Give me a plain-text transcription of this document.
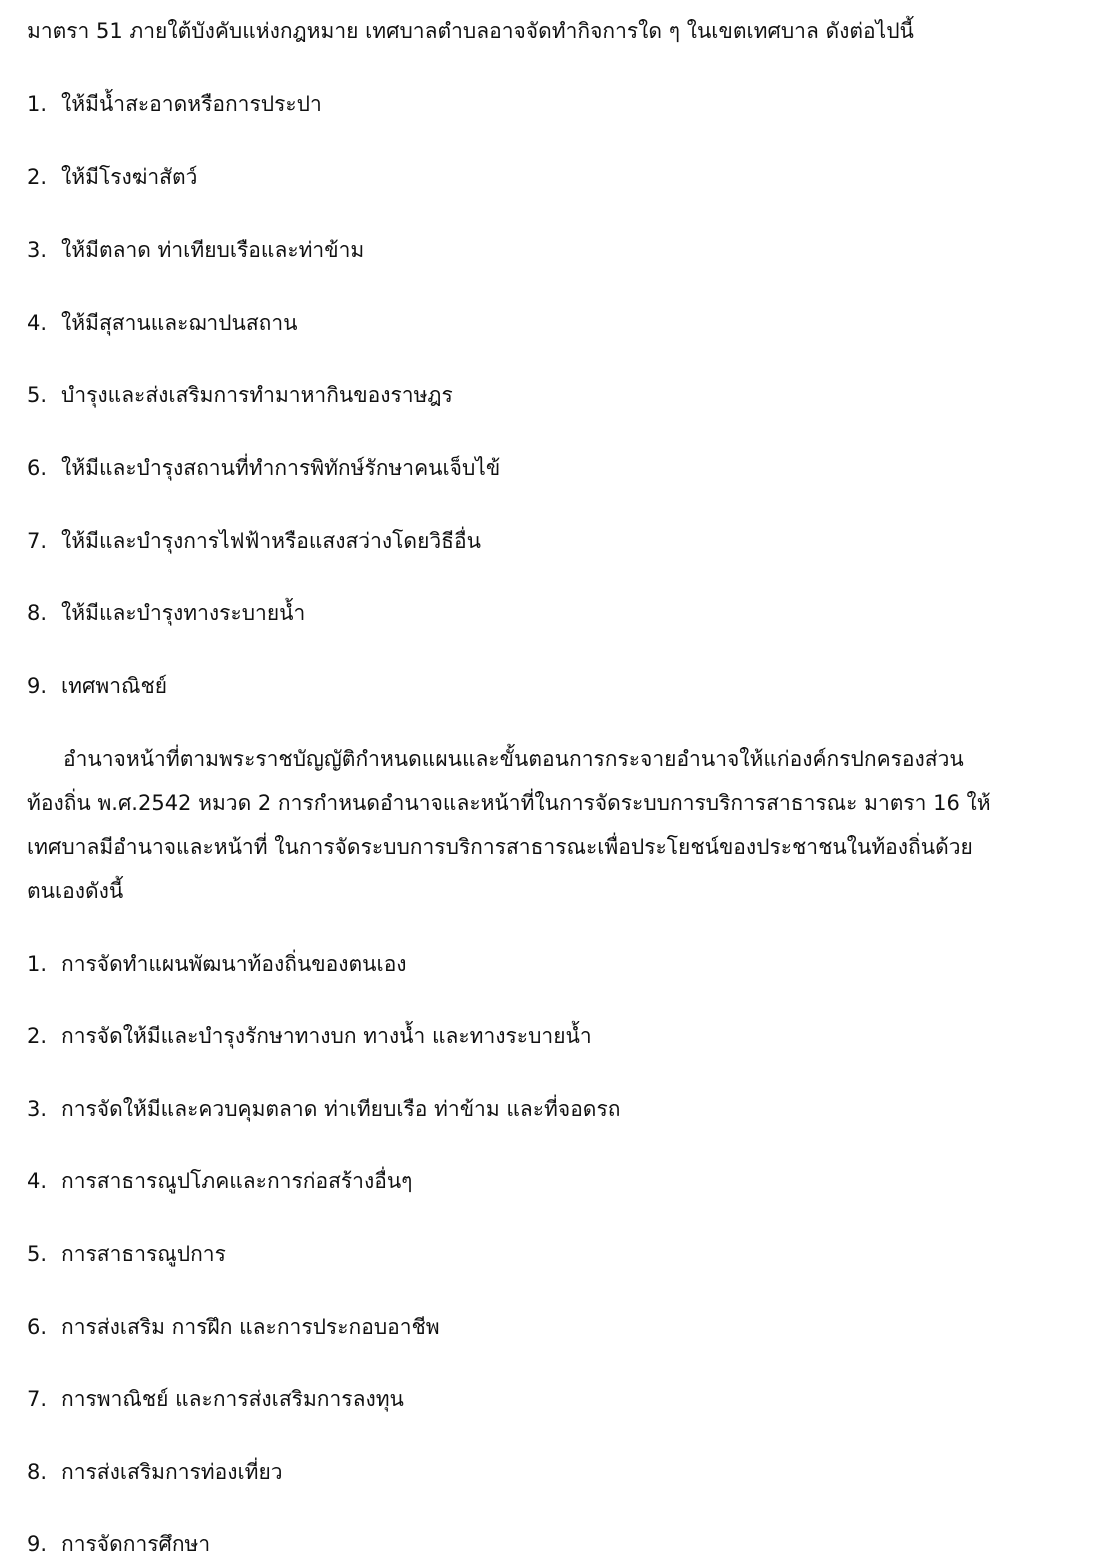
มาตรา 51 ภายใต้บังคับแห่งกฎหมาย เทศบาลตำบลอาจจัดทำกิจการใด ๆ ในเขตเทศบาล ดังต่อไปนี้
1. ให้มีน้ำสะอาดหรือการประปา
2. ให้มีโรงฆ่าสัตว์
3. ให้มีตลาด ท่าเทียบเรือและท่าข้าม
4. ให้มีสุสานและฌาปนสถาน
5. บำรุงและส่งเสริมการทำมาหากินของราษฎร
6. ให้มีและบำรุงสถานที่ทำการพิทักษ์รักษาคนเจ็บไข้
7. ให้มีและบำรุงการไฟฟ้าหรือแสงสว่างโดยวิธีอื่น
8. ให้มีและบำรุงทางระบายน้ำ
9. เทศพาณิชย์
อำนาจหน้าที่ตามพระราชบัญญัติกำหนดแผนและขั้นตอนการกระจายอำนาจให้แก่องค์กรปกครองส่วน
ท้องถิ่น พ.ศ.2542 หมวด 2 การกำหนดอำนาจและหน้าที่ในการจัดระบบการบริการสาธารณะ มาตรา 16 ให้
เทศบาลมีอำนาจและหน้าที่ ในการจัดระบบการบริการสาธารณะเพื่อประโยชน์ของประชาชนในท้องถิ่นด้วย
ตนเองดังนี้
1. การจัดทำแผนพัฒนาท้องถิ่นของตนเอง
2. การจัดให้มีและบำรุงรักษาทางบก ทางน้ำ และทางระบายน้ำ
3. การจัดให้มีและควบคุมตลาด ท่าเทียบเรือ ท่าข้าม และที่จอดรถ
4. การสาธารณูปโภคและการก่อสร้างอื่นๆ
5. การสาธารณูปการ
6. การส่งเสริม การฝึก และการประกอบอาชีพ
7. การพาณิชย์ และการส่งเสริมการลงทุน
8. การส่งเสริมการท่องเที่ยว
9. การจัดการศึกษา
